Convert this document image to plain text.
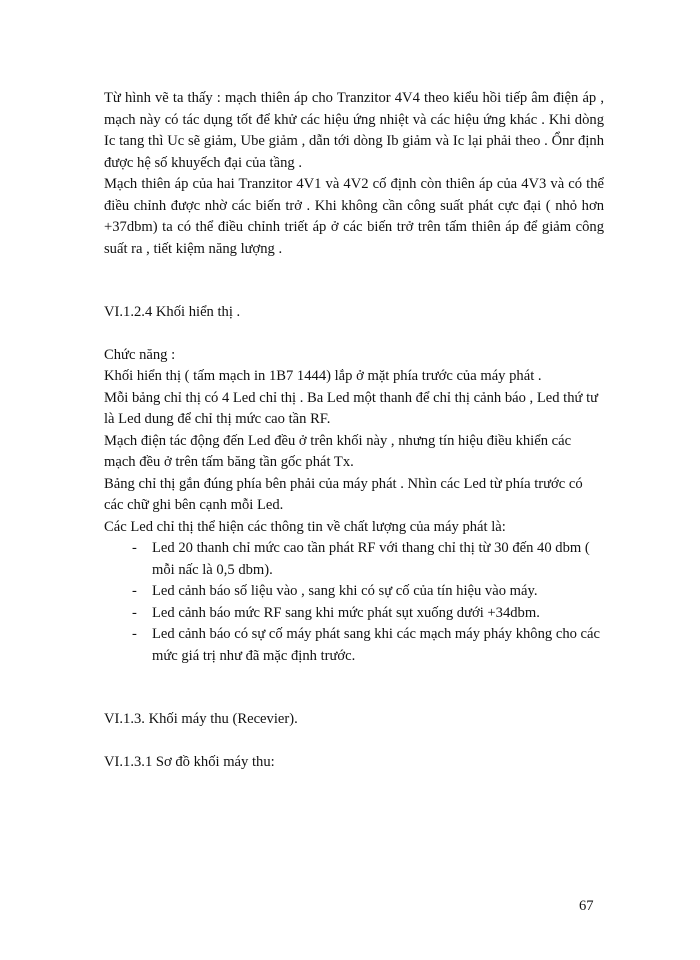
Từ hình vẽ ta thấy : mạch thiên áp cho Tranzitor 4V4 theo kiểu hồi tiếp âm điện áp , mạch này có tác dụng tốt để khử các hiệu ứng nhiệt và các hiệu ứng khác . Khi dòng Ic tang thì Uc sẽ giảm, Ube giảm , dẫn tới dòng Ib giảm và Ic lại phải theo . Ổnr định được hệ số khuyếch đại của tầng .

Mạch thiên áp của hai Tranzitor 4V1 và 4V2 cố định còn thiên áp của 4V3 và có thể điều chỉnh được nhờ các biến trở . Khi không cần công suất phát cực đại ( nhỏ hơn +37dbm) ta có thể điều chỉnh triết áp ở các biến trở trên tấm thiên áp để giảm công suất ra , tiết kiệm năng lượng .

VI.1.2.4 Khối hiển thị .

Chức năng :

Khối hiển thị ( tấm mạch in 1B7 1444) lắp ở mặt phía trước của máy phát .

Mỗi bảng chỉ thị có 4 Led chỉ thị . Ba Led một thanh để chỉ thị cảnh báo , Led thứ tư là Led dung để chỉ thị mức cao tần RF.

Mạch điện tác động đến Led đều ở trên khối này , nhưng tín hiệu điều khiển các mạch đều ở trên tấm băng tần gốc phát Tx.

Bảng chỉ thị gắn đúng phía bên phải của máy phát . Nhìn các Led từ phía trước có các chữ ghi bên cạnh mỗi Led.

Các Led chỉ thị thể hiện các thông tin về chất lượng của máy phát là:

- Led 20 thanh chỉ mức cao tần phát RF với thang chỉ thị từ 30 đến 40 dbm ( mỗi nấc là 0,5 dbm).
- Led cảnh báo số liệu vào , sang khi có sự cố của tín hiệu vào máy.
- Led cảnh báo mức RF sang khi mức phát sụt xuống dưới +34dbm.
- Led cảnh báo có sự cố máy phát sang khi các mạch máy pháy không cho các mức giá trị như đã mặc định trước.

VI.1.3. Khối máy thu (Recevier).

VI.1.3.1 Sơ đồ khối máy thu:

67
